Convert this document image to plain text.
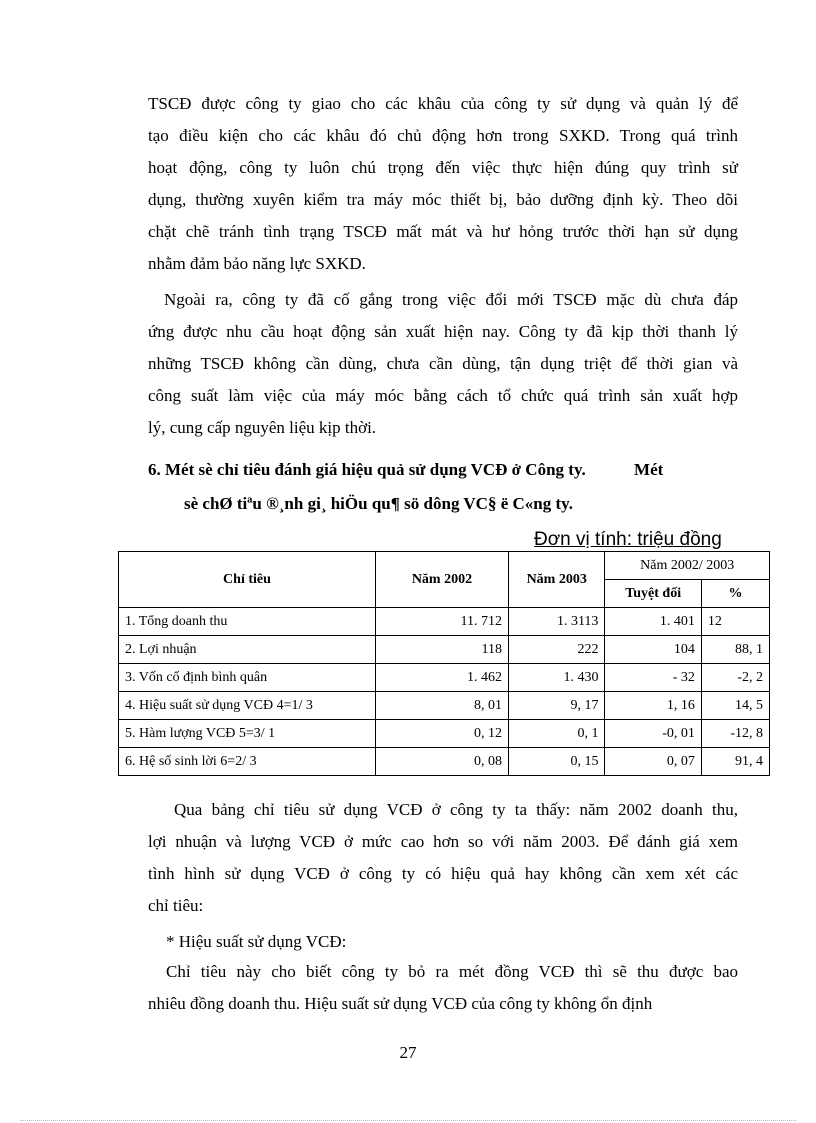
TSCĐ được công ty giao cho các khâu của công ty sử dụng và quản lý để
tạo điều kiện cho các khâu đó chủ động hơn trong SXKD. Trong quá trình
hoạt động, công ty luôn chú trọng đến việc thực hiện đúng quy trình sử
dụng, thường xuyên kiểm tra máy móc thiết bị, bảo dưỡng định kỳ. Theo dõi
chặt chẽ tránh tình trạng TSCĐ mất mát và hư hỏng trước thời hạn sử dụng
nhằm đảm bảo năng lực SXKD.
Ngoài ra, công ty đã cố gắng trong việc đổi mới TSCĐ mặc dù chưa đáp
ứng được nhu cầu hoạt động sản xuất hiện nay. Công ty đã kịp thời thanh lý
những TSCĐ không cần dùng, chưa cần dùng, tận dụng triệt để thời gian và
công suất làm việc của máy móc bằng cách tổ chức quá trình sản xuất hợp
lý, cung cấp nguyên liệu kịp thời.
6. Mét sè chỉ tiêu đánh giá hiệu quả sử dụng VCĐ ở Công ty.	Mét
sè chØ tiªu ®¸nh gi¸ hiÖu qu¶ sö dông VC§ ë C«ng ty.
Đơn vị tính: triệu đồng
Chỉ tiêu	Năm 2002	Năm 2003	Năm 2002/ 2003	
			Tuyệt đối	%
1. Tổng doanh thu	11. 712	1. 3113	1. 401	12
2. Lợi nhuận	118	222	104	88, 1
3. Vốn cố định bình quân	1. 462	1. 430	- 32	-2, 2
4. Hiệu suất sử dụng VCĐ 4=1/ 3	8, 01	9, 17	1, 16	14, 5
5. Hàm lượng VCĐ 5=3/ 1	0, 12	0, 1	-0, 01	-12, 8
6. Hệ số sinh lời 6=2/ 3	0, 08	0, 15	0, 07	91, 4
Qua bảng chỉ tiêu sử dụng VCĐ ở công ty ta thấy: năm 2002 doanh thu,
lợi nhuận và lượng VCĐ ở mức cao hơn so với năm 2003. Để đánh giá xem
tình hình sử dụng VCĐ ở công ty có hiệu quả hay không cần xem xét các
chỉ tiêu:
* Hiệu suất sử dụng VCĐ:
Chỉ tiêu này cho biết công ty bỏ ra mét đồng VCĐ thì sẽ thu được bao
nhiêu đồng doanh thu. Hiệu suất sử dụng VCĐ của công ty không ổn định
27
